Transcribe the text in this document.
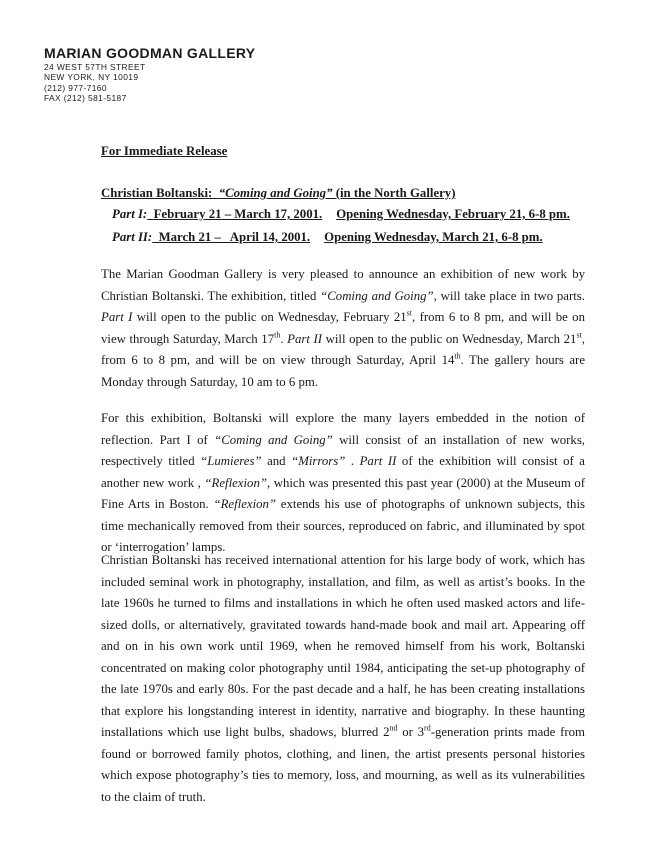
MARIAN GOODMAN GALLERY
24 WEST 57TH STREET
NEW YORK, NY 10019
(212) 977-7160
FAX (212) 581-5187
For Immediate Release
Christian Boltanski: “Coming and Going” (in the North Gallery)
Part I: February 21 – March 17, 2001. Opening Wednesday, February 21, 6-8 pm.
Part II: March 21 –   April 14, 2001. Opening Wednesday, March 21, 6-8 pm.

The Marian Goodman Gallery is very pleased to announce an exhibition of new work by Christian Boltanski. The exhibition, titled “Coming and Going”, will take place in two parts. Part I will open to the public on Wednesday, February 21st, from 6 to 8 pm, and will be on view through Saturday, March 17th. Part II will open to the public on Wednesday, March 21st, from 6 to 8 pm, and will be on view through Saturday, April 14th. The gallery hours are Monday through Saturday, 10 am to 6 pm.

For this exhibition, Boltanski will explore the many layers embedded in the notion of reflection. Part I of “Coming and Going” will consist of an installation of new works, respectively titled “Lumieres” and “Mirrors” . Part II of the exhibition will consist of a another new work , “Reflexion”, which was presented this past year (2000) at the Museum of Fine Arts in Boston. “Reflexion” extends his use of photographs of unknown subjects, this time mechanically removed from their sources, reproduced on fabric, and illuminated by spot or ‘interrogation’ lamps.

Christian Boltanski has received international attention for his large body of work, which has included seminal work in photography, installation, and film, as well as artist’s books. In the late 1960s he turned to films and installations in which he often used masked actors and life-sized dolls, or alternatively, gravitated towards hand-made book and mail art. Appearing off and on in his own work until 1969, when he removed himself from his work, Boltanski concentrated on making color photography until 1984, anticipating the set-up photography of the late 1970s and early 80s. For the past decade and a half, he has been creating installations that explore his longstanding interest in identity, narrative and biography. In these haunting installations which use light bulbs, shadows, blurred 2nd or 3rd-generation prints made from found or borrowed family photos, clothing, and linen, the artist presents personal histories which expose photography’s ties to memory, loss, and mourning, as well as its vulnerabilities to the claim of truth.
